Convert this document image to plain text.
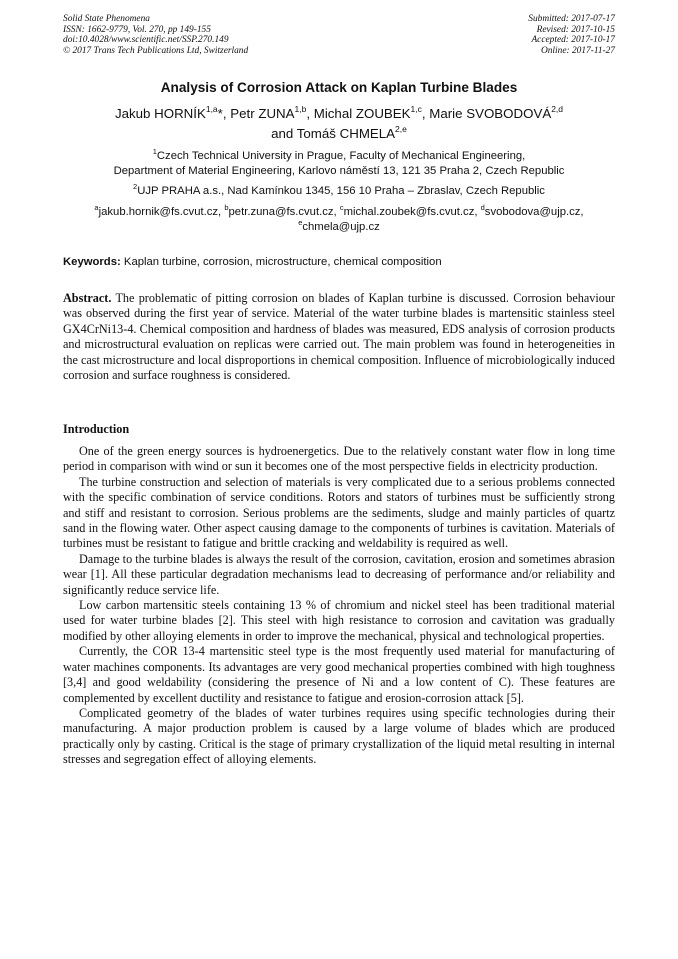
Solid State Phenomena
ISSN: 1662-9779, Vol. 270, pp 149-155
doi:10.4028/www.scientific.net/SSP.270.149
© 2017 Trans Tech Publications Ltd, Switzerland
Submitted: 2017-07-17
Revised: 2017-10-15
Accepted: 2017-10-17
Online: 2017-11-27
Analysis of Corrosion Attack on Kaplan Turbine Blades
Jakub HORNÍK$^{1,a}$*, Petr ZUNA$^{1,b}$, Michal ZOUBEK$^{1,c}$, Marie SVOBODOVÁ$^{2,d}$
and Tomáš CHMELA$^{2,e}$
$^1$Czech Technical University in Prague, Faculty of Mechanical Engineering,
Department of Material Engineering, Karlovo náměstí 13, 121 35 Praha 2, Czech Republic
$^2$UJP PRAHA a.s., Nad Kamínkou 1345, 156 10 Praha – Zbraslav, Czech Republic
$^a$jakub.hornik@fs.cvut.cz, $^b$petr.zuna@fs.cvut.cz, $^c$michal.zoubek@fs.cvut.cz, $^d$svobodova@ujp.cz,
$^e$chmela@ujp.cz
Keywords: Kaplan turbine, corrosion, microstructure, chemical composition
Abstract. The problematic of pitting corrosion on blades of Kaplan turbine is discussed. Corrosion behaviour was observed during the first year of service. Material of the water turbine blades is martensitic stainless steel GX4CrNi13-4. Chemical composition and hardness of blades was measured, EDS analysis of corrosion products and microstructural evaluation on replicas were carried out. The main problem was found in heterogeneities in the cast microstructure and local disproportions in chemical composition. Influence of microbiologically induced corrosion and surface roughness is considered.
Introduction

One of the green energy sources is hydroenergetics. Due to the relatively constant water flow in long time period in comparison with wind or sun it becomes one of the most perspective fields in electricity production.

The turbine construction and selection of materials is very complicated due to a serious problems connected with the specific combination of service conditions. Rotors and stators of turbines must be sufficiently strong and stiff and resistant to corrosion. Serious problems are the sediments, sludge and mainly particles of quartz sand in the flowing water. Other aspect causing damage to the components of turbines is cavitation. Materials of turbines must be resistant to fatigue and brittle cracking and weldability is required as well.

Damage to the turbine blades is always the result of the corrosion, cavitation, erosion and sometimes abrasion wear [1]. All these particular degradation mechanisms lead to decreasing of performance and/or reliability and significantly reduce service life.

Low carbon martensitic steels containing 13 % of chromium and nickel steel has been traditional material used for water turbine blades [2]. This steel with high resistance to corrosion and cavitation was gradually modified by other alloying elements in order to improve the mechanical, physical and technological properties.

Currently, the COR 13-4 martensitic steel type is the most frequently used material for manufacturing of water machines components. Its advantages are very good mechanical properties combined with high toughness [3,4] and good weldability (considering the presence of Ni and a low content of C). These features are complemented by excellent ductility and resistance to fatigue and erosion-corrosion attack [5].

Complicated geometry of the blades of water turbines requires using specific technologies during their manufacturing. A major production problem is caused by a large volume of blades which are produced practically only by casting. Critical is the stage of primary crystallization of the liquid metal resulting in internal stresses and segregation effect of alloying elements.
